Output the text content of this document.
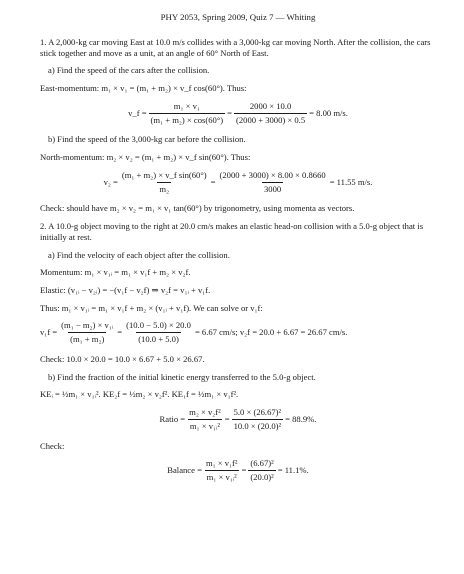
PHY 2053, Spring 2009, Quiz 7 — Whiting
1. A 2,000-kg car moving East at 10.0 m/s collides with a 3,000-kg car moving North. After the collision, the cars stick together and move as a unit, at an angle of 60° North of East.
a) Find the speed of the cars after the collision.
East-momentum: m₁ × v₁ = (m₁ + m₂) × v_f cos(60°). Thus:
v_f = $\frac{\text{m₁ × v₁}}{\text{(m₁ + m₂) × cos(60°)}} = \frac{2000 \times 10.0}{(2000 + 3000) \times 0.5} = 8.00$ m/s.
b) Find the speed of the 3,000-kg car before the collision.
North-momentum: m₂ × v₂ = (m₁ + m₂) × v_f sin(60°). Thus:
$v_2 = \frac{\text{(m₁ + m₂) × v\_f sin(60°)}}{\text{m₂}} = \frac{(2000 + 3000) \times 8.00 \times 0.8660}{3000} = 11.55$ m/s.
Check: should have m₂ × v₂ = m₁ × v₁ tan(60°) by trigonometry, using momenta as vectors.
2. A 10.0-g object moving to the right at 20.0 cm/s makes an elastic head-on collision with a 5.0-g object that is initially at rest.
a) Find the velocity of each object after the collision.
Momentum: m₁ × v₁ᵢ = m₁ × v₁f + m₂ × v₂f.
Elastic: (v₁ᵢ − v₂ᵢ) = −(v₁f − v₂f) ⇒ v₂f = v₁ᵢ + v₁f.
Thus: m₁ × v₁ᵢ = m₁ × v₁f + m₂ × (v₁ᵢ + v₁f). We can solve or v₁f:
$v_1f = \frac{\text{(m₁ − m₂) × v₁ᵢ}}{\text{(m₁ + m₂)}} = \frac{(10.0 - 5.0) \times 20.0}{(10.0 + 5.0)} = 6.67$ cm/s; v₂f = 20.0 + 6.67 = 26.67 cm/s.
Check: 10.0 × 20.0 = 10.0 × 6.67 + 5.0 × 26.67.
b) Find the fraction of the initial kinetic energy transferred to the 5.0-g object.
KEᵢ = ½m₁ × v₁ᵢ². KE₂f = ½m₂ × v₂f². KE₁f = ½m₁ × v₁f².
Ratio = $\frac{\text{m₂ × v₂f²}}{\text{m₁ × v₁ᵢ²}} = \frac{\text{5.0 × (26.67)²}}{\text{10.0 × (20.0)²}} = 88.9\%$.
Check:
Balance = $\frac{\text{m₁ × v₁f²}}{\text{m₁ × v₁ᵢ²}} = \frac{\text{(6.67)²}}{\text{(20.0)²}} = 11.1\%$.
